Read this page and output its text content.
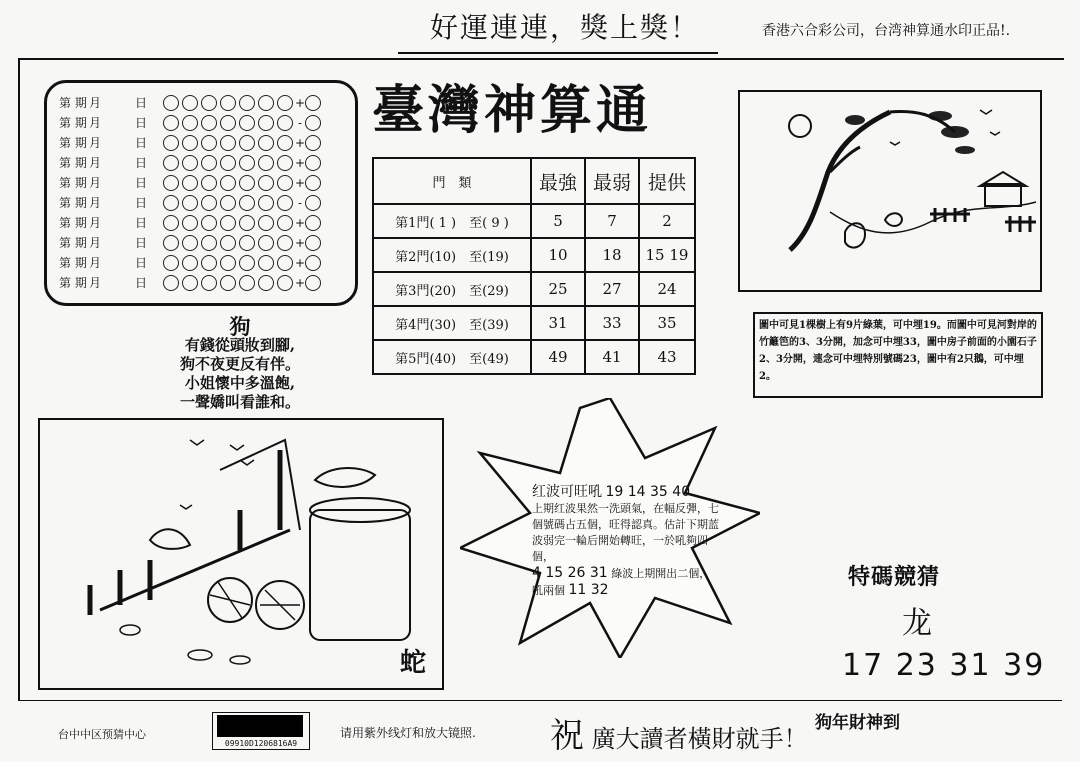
好運連連，獎上獎！	香港六合彩公司，台湾神算通水印正品!.
第 期 月	日	+
第 期 月	日	-
第 期 月	日	+
第 期 月	日	+
第 期 月	日	+
第 期 月	日	-
第 期 月	日	+
第 期 月	日	+
第 期 月	日	+
第 期 月	日	+
臺灣神算通
門　類	最強	最弱	提供
第1門( 1 )　至( 9 )	5	7	2
第2門(10)　至(19)	10	18	15 19
第3門(20)　至(29)	25	27	24
第4門(30)　至(39)	31	33	35
第5門(40)　至(49)	49	41	43
狗
有錢從頭妝到腳,
狗不夜更反有伴。
小姐懷中多溫飽,
一聲嬌叫看誰和。
圖中可見1棵樹上有9片綠葉，可中埋19。而圖中可見河對岸的竹籬笆的3、3分開，加念可中埋33，圖中房子前面的小園石子2、3分開，連念可中埋特別號碼23，圖中有2只鵝，可中埋2。
蛇
红波可旺吼 19 14 35 40
上期红波果然一洗頭氣，在幅反彈，七個號碼占五個，旺得認真。估計下期蓝波弱完一輪后開始轉旺，一於吼夠四個，
4 15 26 31 綠波上期開出二個，吼兩個 11 32	特碼競猜
龙
17 23 31 39
台中中区预猜中心
09910D1206816A9
请用紫外线灯和放大镜照. 祝 廣大讀者橫財就手！
狗年財神到
